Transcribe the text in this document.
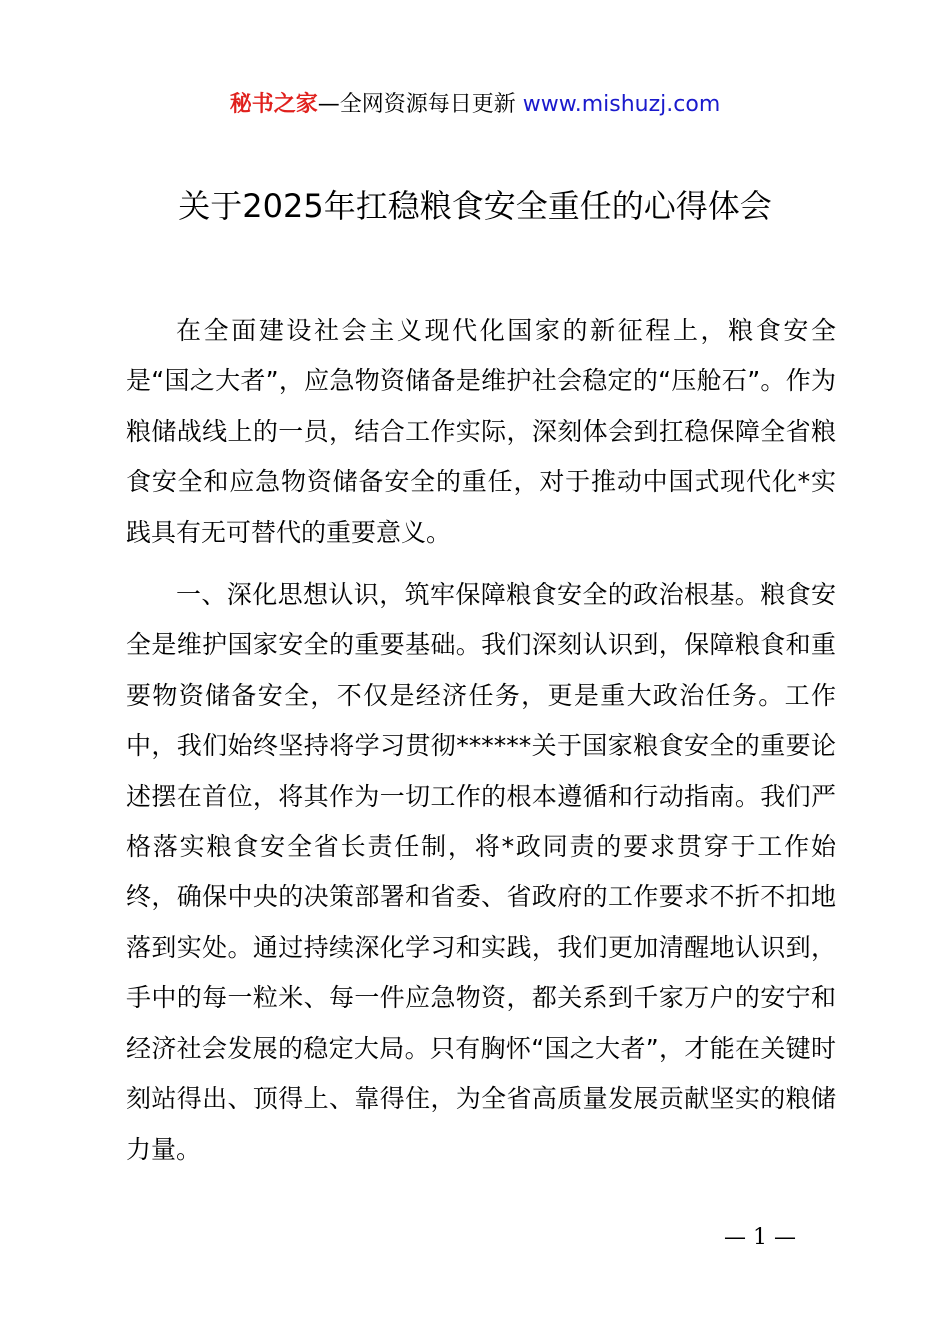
秘书之家—全网资源每日更新 www.mishuzj.com
关于2025年扛稳粮食安全重任的心得体会

在全面建设社会主义现代化国家的新征程上，粮食安全是“国之大者”，应急物资储备是维护社会稳定的“压舱石”。作为粮储战线上的一员，结合工作实际，深刻体会到扛稳保障全省粮食安全和应急物资储备安全的重任，对于推动中国式现代化*实践具有无可替代的重要意义。

一、深化思想认识，筑牢保障粮食安全的政治根基。粮食安全是维护国家安全的重要基础。我们深刻认识到，保障粮食和重要物资储备安全，不仅是经济任务，更是重大政治任务。工作中，我们始终坚持将学习贯彻******关于国家粮食安全的重要论述摆在首位，将其作为一切工作的根本遵循和行动指南。我们严格落实粮食安全省长责任制，将*政同责的要求贯穿于工作始终，确保中央的决策部署和省委、省政府的工作要求不折不扣地落到实处。通过持续深化学习和实践，我们更加清醒地认识到，手中的每一粒米、每一件应急物资，都关系到千家万户的安宁和经济社会发展的稳定大局。只有胸怀“国之大者”，才能在关键时刻站得出、顶得上、靠得住，为全省高质量发展贡献坚实的粮储力量。

— 1 —
